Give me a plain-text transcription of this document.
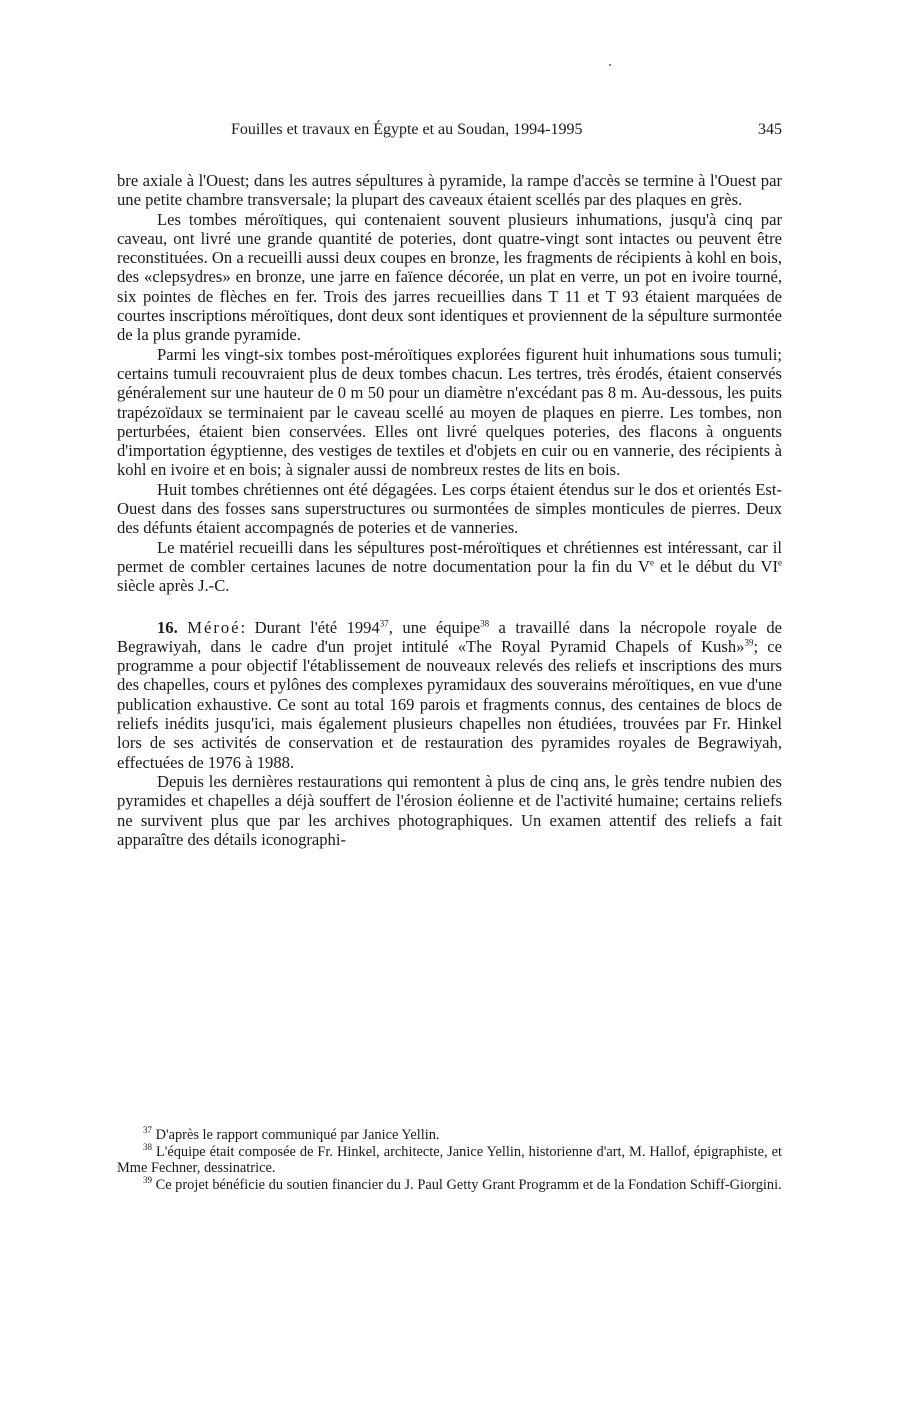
Fouilles et travaux en Égypte et au Soudan, 1994-1995	345

bre axiale à l'Ouest; dans les autres sépultures à pyramide, la rampe d'accès se termine à l'Ouest par une petite chambre transversale; la plupart des caveaux étaient scellés par des plaques en grès.

Les tombes méroïtiques, qui contenaient souvent plusieurs inhumations, jusqu'à cinq par caveau, ont livré une grande quantité de poteries, dont quatre-vingt sont intactes ou peuvent être reconstituées. On a recueilli aussi deux coupes en bronze, les fragments de récipients à kohl en bois, des «clepsydres» en bronze, une jarre en faïence décorée, un plat en verre, un pot en ivoire tourné, six pointes de flèches en fer. Trois des jarres recueillies dans T 11 et T 93 étaient marquées de courtes inscriptions méroïtiques, dont deux sont identiques et proviennent de la sépulture surmontée de la plus grande pyramide.

Parmi les vingt-six tombes post-méroïtiques explorées figurent huit inhumations sous tumuli; certains tumuli recouvraient plus de deux tombes chacun. Les tertres, très érodés, étaient conservés généralement sur une hauteur de 0 m 50 pour un diamètre n'excédant pas 8 m. Au-dessous, les puits trapézoïdaux se terminaient par le caveau scellé au moyen de plaques en pierre. Les tombes, non perturbées, étaient bien conservées. Elles ont livré quelques poteries, des flacons à onguents d'importation égyptienne, des vestiges de textiles et d'objets en cuir ou en vannerie, des récipients à kohl en ivoire et en bois; à signaler aussi de nombreux restes de lits en bois.

Huit tombes chrétiennes ont été dégagées. Les corps étaient étendus sur le dos et orientés Est-Ouest dans des fosses sans superstructures ou surmontées de simples monticules de pierres. Deux des défunts étaient accompagnés de poteries et de vanneries.

Le matériel recueilli dans les sépultures post-méroïtiques et chrétiennes est intéressant, car il permet de combler certaines lacunes de notre documentation pour la fin du Ve et le début du VIe siècle après J.-C.

16. Méroé: Durant l'été 1994$^{37}$, une équipe$^{38}$ a travaillé dans la nécropole royale de Begrawiyah, dans le cadre d'un projet intitulé «The Royal Pyramid Chapels of Kush»$^{39}$; ce programme a pour objectif l'établissement de nouveaux relevés des reliefs et inscriptions des murs des chapelles, cours et pylônes des complexes pyramidaux des souverains méroïtiques, en vue d'une publication exhaustive. Ce sont au total 169 parois et fragments connus, des centaines de blocs de reliefs inédits jusqu'ici, mais également plusieurs chapelles non étudiées, trouvées par Fr. Hinkel lors de ses activités de conservation et de restauration des pyramides royales de Begrawiyah, effectuées de 1976 à 1988.

Depuis les dernières restaurations qui remontent à plus de cinq ans, le grès tendre nubien des pyramides et chapelles a déjà souffert de l'érosion éolienne et de l'activité humaine; certains reliefs ne survivent plus que par les archives photographiques. Un examen attentif des reliefs a fait apparaître des détails iconographi-

$^{37}$ D'après le rapport communiqué par Janice Yellin.

$^{38}$ L'équipe était composée de Fr. Hinkel, architecte, Janice Yellin, historienne d'art, M. Hallof, épigraphiste, et Mme Fechner, dessinatrice.

$^{39}$ Ce projet bénéficie du soutien financier du J. Paul Getty Grant Programm et de la Fondation Schiff-Giorgini.
